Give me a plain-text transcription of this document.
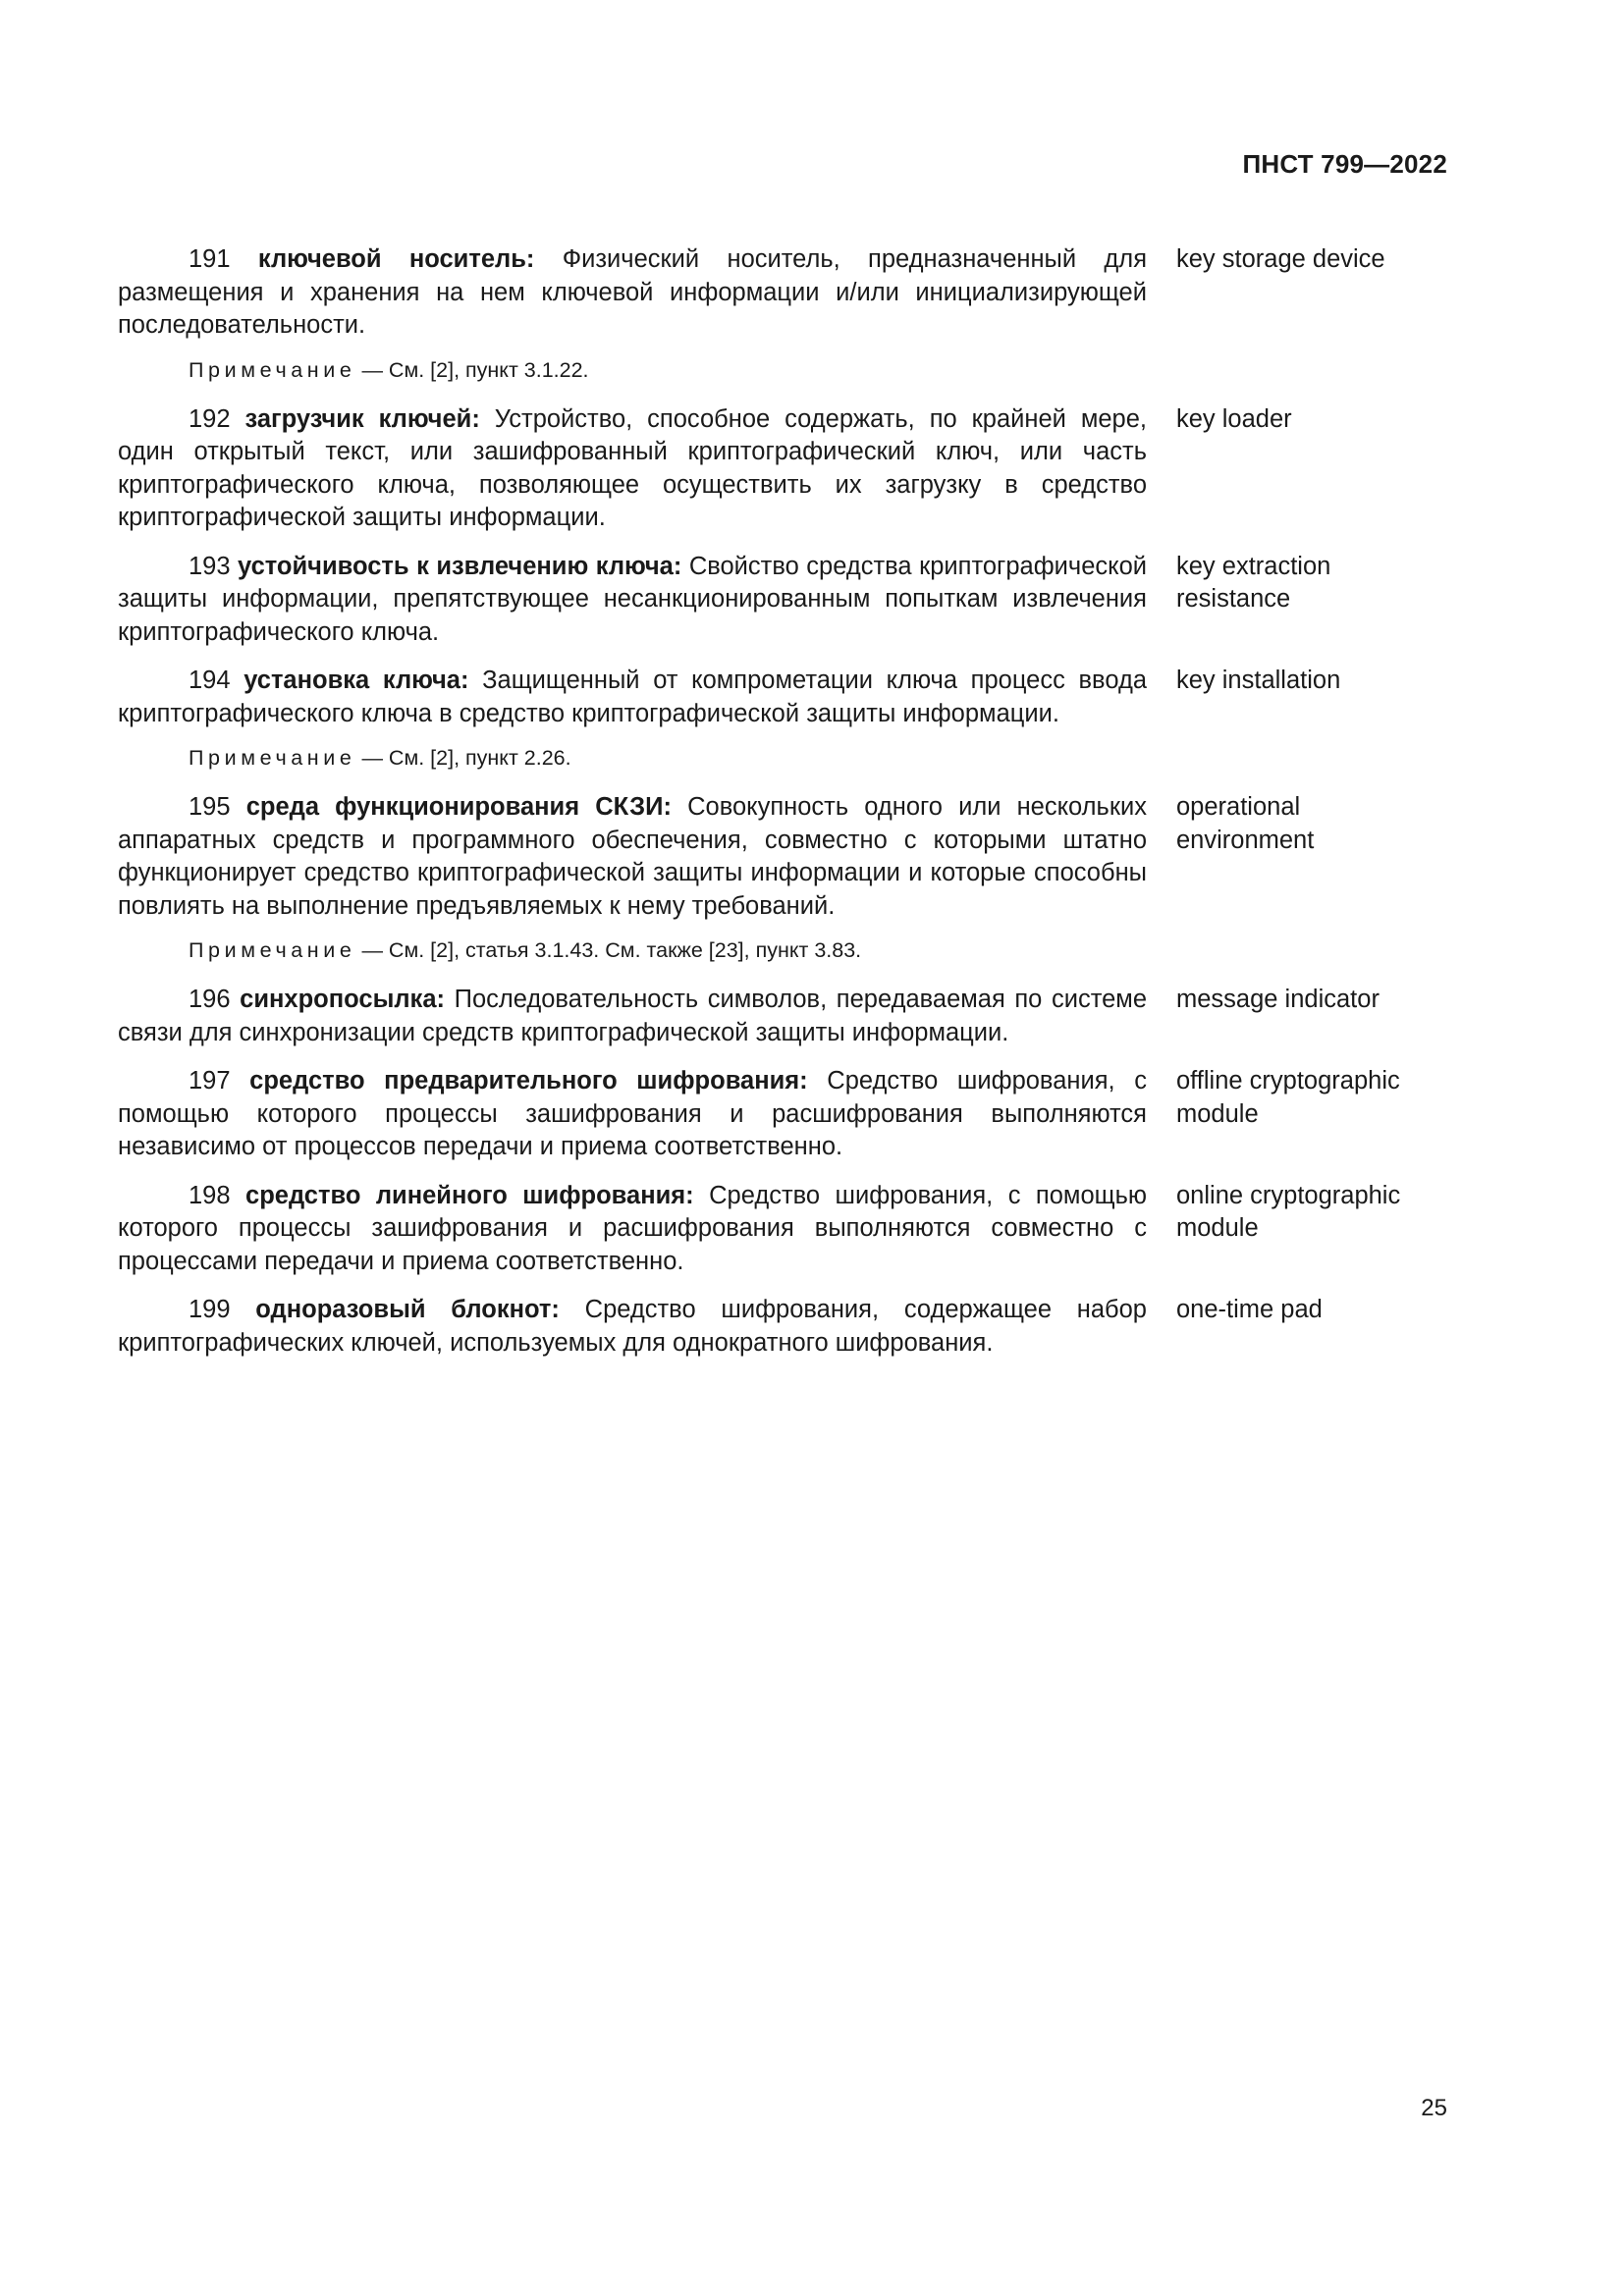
ПНСТ 799—2022
191 ключевой носитель: Физический носитель, предназначенный для размещения и хранения на нем ключевой информации и/или инициализирующей последовательности.
key storage device
Примечание — См. [2], пункт 3.1.22.
192 загрузчик ключей: Устройство, способное содержать, по крайней мере, один открытый текст, или зашифрованный криптографический ключ, или часть криптографического ключа, позволяющее осуществить их загрузку в средство криптографической защиты информации.
key loader
193 устойчивость к извлечению ключа: Свойство средства криптографической защиты информации, препятствующее несанкционированным попыткам извлечения криптографического ключа.
key extraction
resistance
194 установка ключа: Защищенный от компрометации ключа процесс ввода криптографического ключа в средство криптографической защиты информации.
key installation
Примечание — См. [2], пункт 2.26.
195 среда функционирования СКЗИ: Совокупность одного или нескольких аппаратных средств и программного обеспечения, совместно с которыми штатно функционирует средство криптографической защиты информации и которые способны повлиять на выполнение предъявляемых к нему требований.
operational
environment
Примечание — См. [2], статья 3.1.43. См. также [23], пункт 3.83.
196 синхропосылка: Последовательность символов, передаваемая по системе связи для синхронизации средств криптографической защиты информации.
message indicator
197 средство предварительного шифрования: Средство шифрования, с помощью которого процессы зашифрования и расшифрования выполняются независимо от процессов передачи и приема соответственно.
offline cryptographic
module
198 средство линейного шифрования: Средство шифрования, с помощью которого процессы зашифрования и расшифрования выполняются совместно с процессами передачи и приема соответственно.
online cryptographic
module
199 одноразовый блокнот: Средство шифрования, содержащее набор криптографических ключей, используемых для однократного шифрования.
one-time pad
25
